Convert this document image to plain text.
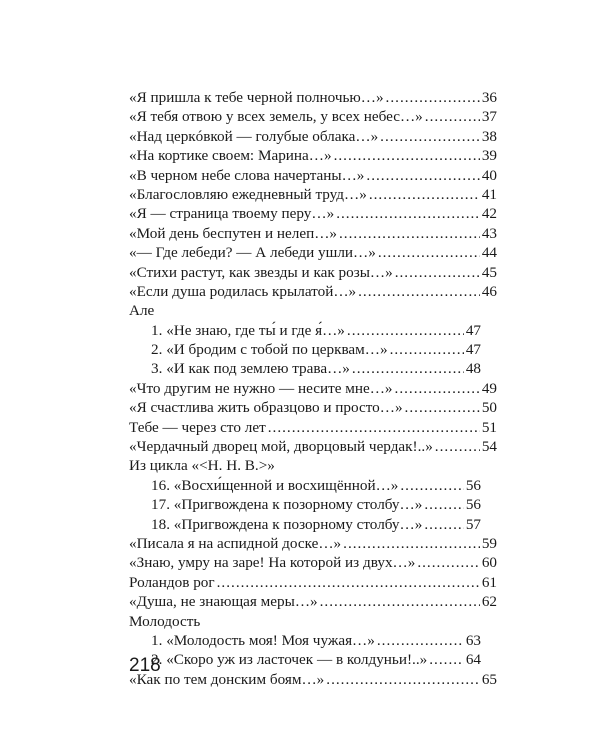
«Я пришла к тебе черной полночью…» .....	36
«Я тебя отвою у всех земель, у всех небес…» .....	37
«Над церкóвкой — голубые облака…» .....	38
«На кортике своем: Марина…» .....	39
«В черном небе слова начертаны…» .....	40
«Благословляю ежедневный труд…» .....	41
«Я — страница твоему перу…» .....	42
«Мой день беспутен и нелеп…» .....	43
«— Где лебеди? — А лебеди ушли…» .....	44
«Стихи растут, как звезды и как розы…» .....	45
«Если душа родилась крылатой…» .....	46
Але
1. «Не знаю, где ты́ и где я́…» .....	47
2. «И бродим с тобой по церквам…» .....	47
3. «И как под землею трава…» .....	48
«Что другим не нужно — несите мне…» .....	49
«Я счастлива жить образцово и просто…» .....	50
Тебе — через сто лет .....	51
«Чердачный дворец мой, дворцовый чердак!..» .....	54
Из цикла «<Н. Н. В.>»
16. «Восхи́щенной и восхищённой…» .....	56
17. «Пригвождена к позорному столбу…» .....	56
18. «Пригвождена к позорному столбу…» .....	57
«Писала я на аспидной доске…» .....	59
«Знаю, умру на заре! На которой из двух…» .....	60
Роландов рог .....	61
«Душа, не знающая меры…» .....	62
Молодость
1. «Молодость моя! Моя чужая…» .....	63
2. «Скоро уж из ласточек — в колдуньи!..» .....	64
«Как по тем донским боям…» .....	65
218
